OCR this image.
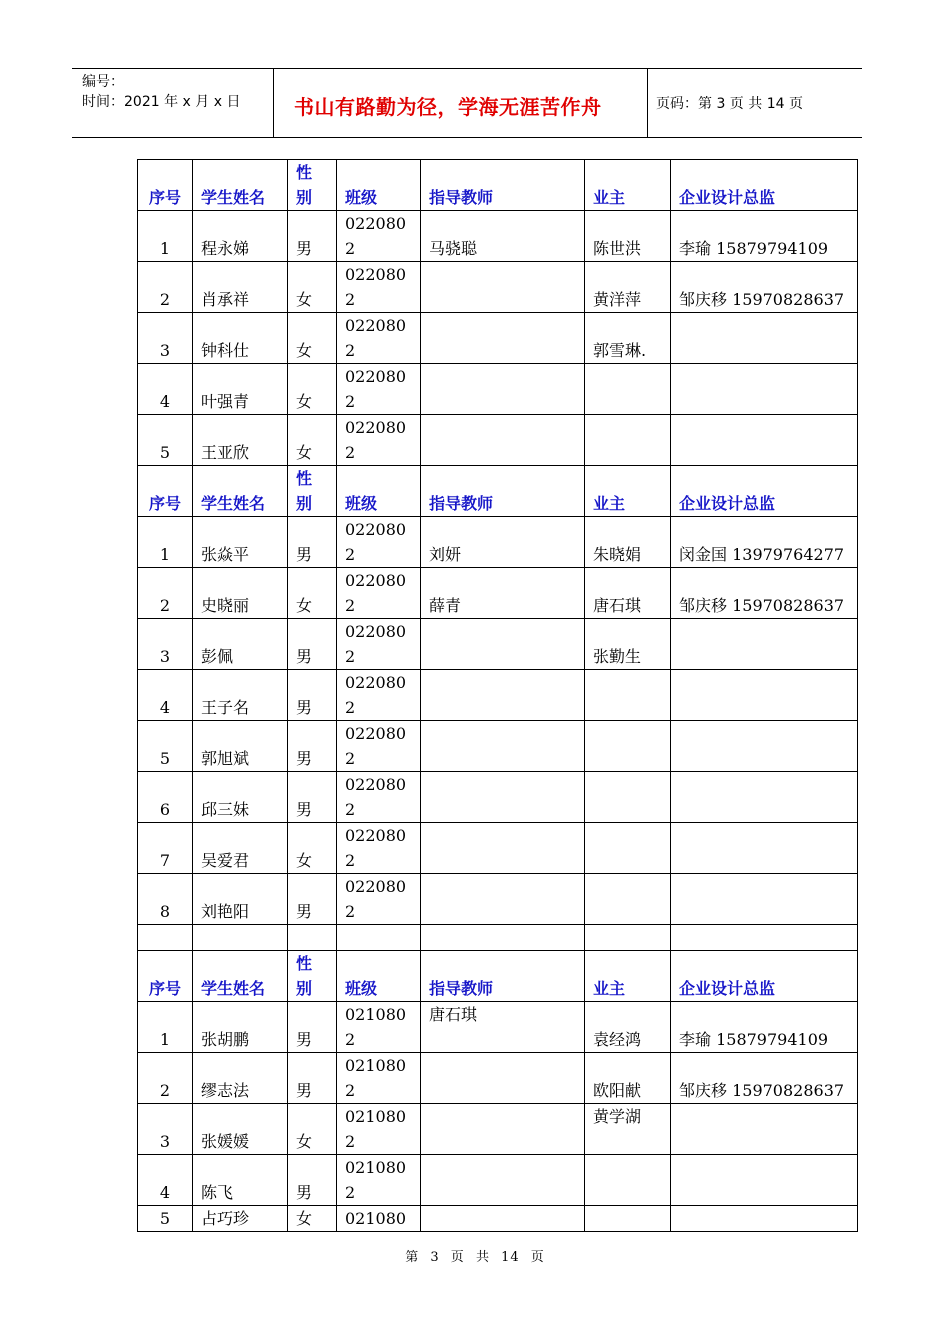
编号：
时间：2021 年 x 月 x 日	书山有路勤为径，学海无涯苦作舟	页码：第 3 页 共 14 页
序号	学生姓名	性别	班级	指导教师	业主	企业设计总监
1	程永娣	男	0220802	马骁聪	陈世洪	李瑜 15879794109
2	肖承祥	女	0220802		黄洋萍	邹庆移 15970828637
3	钟科仕	女	0220802		郭雪琳.	
4	叶强青	女	0220802			

5	王亚欣	女	0220802			

序号	学生姓名	性别	班级	指导教师	业主	企业设计总监
1	张焱平	男	0220802	刘妍	朱晓娟	闵金国 13979764277
2	史晓丽	女	0220802	薛青	唐石琪	邹庆移 15970828637
3	彭佩	男	0220802		张勤生	
4	王子名	男	0220802			

5	郭旭斌	男	0220802			

6	邱三妹	男	0220802			

7	吴爱君	女	0220802			

8	刘艳阳	男	0220802			

序号	学生姓名	性别	班级	指导教师	业主	企业设计总监
1	张胡鹏	男	0210802	唐石琪	袁经鸿	李瑜 15879794109
2	缪志法	男	0210802		欧阳献	邹庆移 15970828637
3	张媛媛	女	0210802		黄学湖	
4	陈飞	男	0210802			

5	占巧珍	女	021080			
第 3 页 共 14 页
